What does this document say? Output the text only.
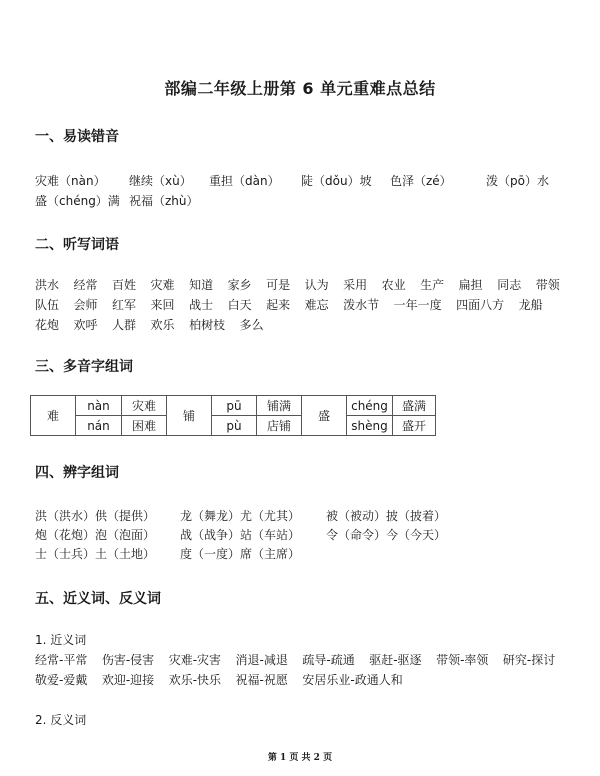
部编二年级上册第 6 单元重难点总结
一、易读错音
灾难（nàn） 继续（xù） 重担（dàn） 陡（dǒu）坡 色泽（zé）	泼（pō）水
盛（chéng）满 祝福（zhù）
二、听写词语
洪水 经常 百姓 灾难 知道 家乡 可是 认为 采用 农业 生产 扁担 同志 带领
队伍 会师 红军 来回 战士 白天 起来 难忘 泼水节 一年一度 四面八方 龙船
花炮 欢呼 人群 欢乐 柏树枝 多么
三、多音字组词
难	nàn	灾难	铺	pū	铺满	盛	chéng	盛满
	nán	困难		pù	店铺		shèng	盛开
四、辨字组词
洪（洪水）供（提供） 龙（舞龙）尤（尤其） 被（被动）披（披着）
炮（花炮）泡（泡面） 战（战争）站（车站） 令（命令）今（今天）
士（士兵）土（土地） 度（一度）席（主席）
五、近义词、反义词
1. 近义词
经常-平常 伤害-侵害 灾难-灾害 消退-减退 疏导-疏通 驱赶-驱逐 带领-率领 研究-探讨
敬爱-爱戴 欢迎-迎接 欢乐-快乐 祝福-祝愿 安居乐业-政通人和
2. 反义词
第 1 页 共 2 页
